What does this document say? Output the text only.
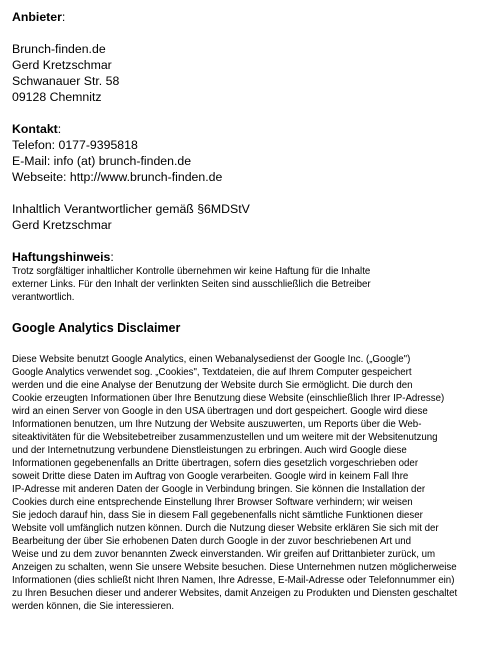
Anbieter:
Brunch-finden.de
Gerd Kretzschmar
Schwanauer Str. 58
09128 Chemnitz
Kontakt:
Telefon: 0177-9395818
E-Mail: info (at) brunch-finden.de
Webseite: http://www.brunch-finden.de
Inhaltlich Verantwortlicher gemäß §6MDStV
Gerd Kretzschmar
Haftungshinweis:
Trotz sorgfältiger inhaltlicher Kontrolle übernehmen wir keine Haftung für die Inhalte
externer Links. Für den Inhalt der verlinkten Seiten sind ausschließlich die Betreiber
verantwortlich.
Google Analytics Disclaimer
Diese Website benutzt Google Analytics, einen Webanalysedienst der Google Inc. („Google")
Google Analytics verwendet sog. „Cookies", Textdateien, die auf Ihrem Computer gespeichert
werden und die eine Analyse der Benutzung der Website durch Sie ermöglicht. Die durch den
Cookie erzeugten Informationen über Ihre Benutzung diese Website (einschließlich Ihrer IP-Adresse)
wird an einen Server von Google in den USA übertragen und dort gespeichert. Google wird diese
Informationen benutzen, um Ihre Nutzung der Website auszuwerten, um Reports über die Web-
siteaktivitäten für die Websitebetreiber zusammenzustellen und um weitere mit der Websitenutzung
und der Internetnutzung verbundene Dienstleistungen zu erbringen. Auch wird Google diese
Informationen gegebenenfalls an Dritte übertragen, sofern dies gesetzlich vorgeschrieben oder
soweit Dritte diese Daten im Auftrag von Google verarbeiten. Google wird in keinem Fall Ihre
IP-Adresse mit anderen Daten der Google in Verbindung bringen. Sie können die Installation der
Cookies durch eine entsprechende Einstellung Ihrer Browser Software verhindern; wir weisen
Sie jedoch darauf hin, dass Sie in diesem Fall gegebenenfalls nicht sämtliche Funktionen dieser
Website voll umfänglich nutzen können. Durch die Nutzung dieser Website erklären Sie sich mit der
Bearbeitung der über Sie erhobenen Daten durch Google in der zuvor beschriebenen Art und
Weise und zu dem zuvor benannten Zweck einverstanden. Wir greifen auf Drittanbieter zurück, um
Anzeigen zu schalten, wenn Sie unsere Website besuchen. Diese Unternehmen nutzen möglicherweise
Informationen (dies schließt nicht Ihren Namen, Ihre Adresse, E-Mail-Adresse oder Telefonnummer ein)
zu Ihren Besuchen dieser und anderer Websites, damit Anzeigen zu Produkten und Diensten geschaltet
werden können, die Sie interessieren.
